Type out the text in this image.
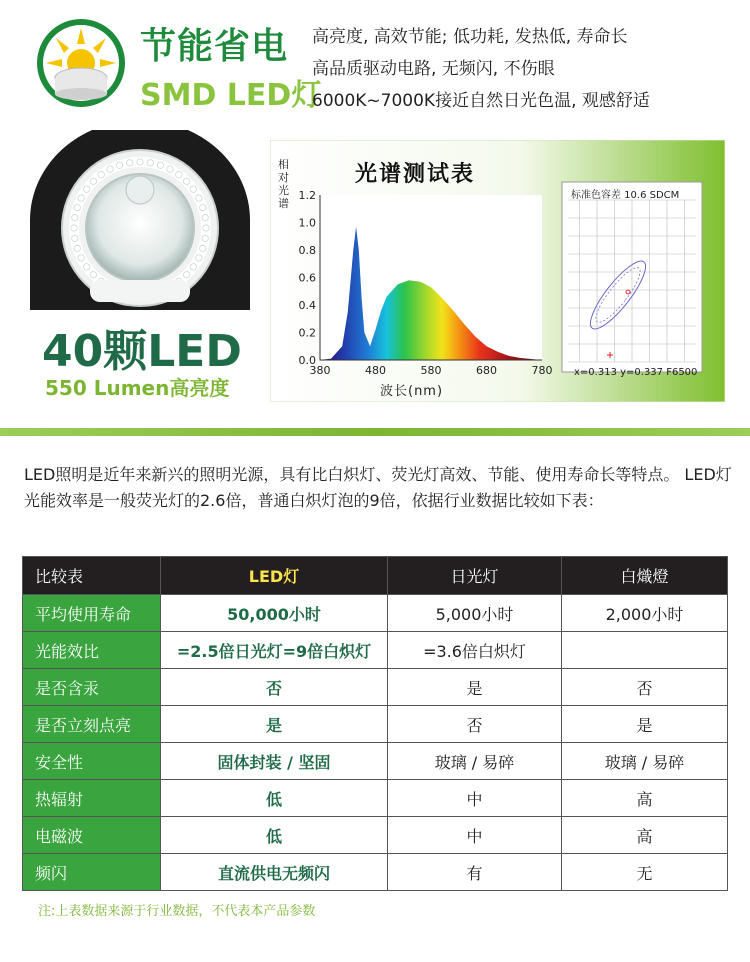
节能省电
SMD LED灯
高亮度, 高效节能; 低功耗, 发热低, 寿命长
高品质驱动电路, 无频闪, 不伤眼
6000K~7000K接近自然日光色温, 观感舒适
40颗LED
550 Lumen高亮度
0.0
0.2
0.4
0.6
0.8
1.0
1.2
380	480	580	680	780
光谱测试表
相对光谱
波长(nm)
标准色容差 10.6 SDCM
x=0.313 y=0.337 F6500
LED照明是近年来新兴的照明光源，具有比白炽灯、荧光灯高效、节能、使用寿命长等特点。 LED灯光能效率是一般荧光灯的2.6倍，普通白炽灯泡的9倍，依据行业数据比较如下表：
比较表	LED灯	日光灯	白熾燈
平均使用寿命	50,000小时	5,000小时	2,000小时
光能效比	=2.5倍日光灯=9倍白炽灯	=3.6倍白炽灯	
是否含汞	否	是	否
是否立刻点亮	是	否	是
安全性	固体封装 / 坚固	玻璃 / 易碎	玻璃 / 易碎
热辐射	低	中	高
电磁波	低	中	高
频闪	直流供电无频闪	有	无
注:上表数据来源于行业数据，不代表本产品参数
